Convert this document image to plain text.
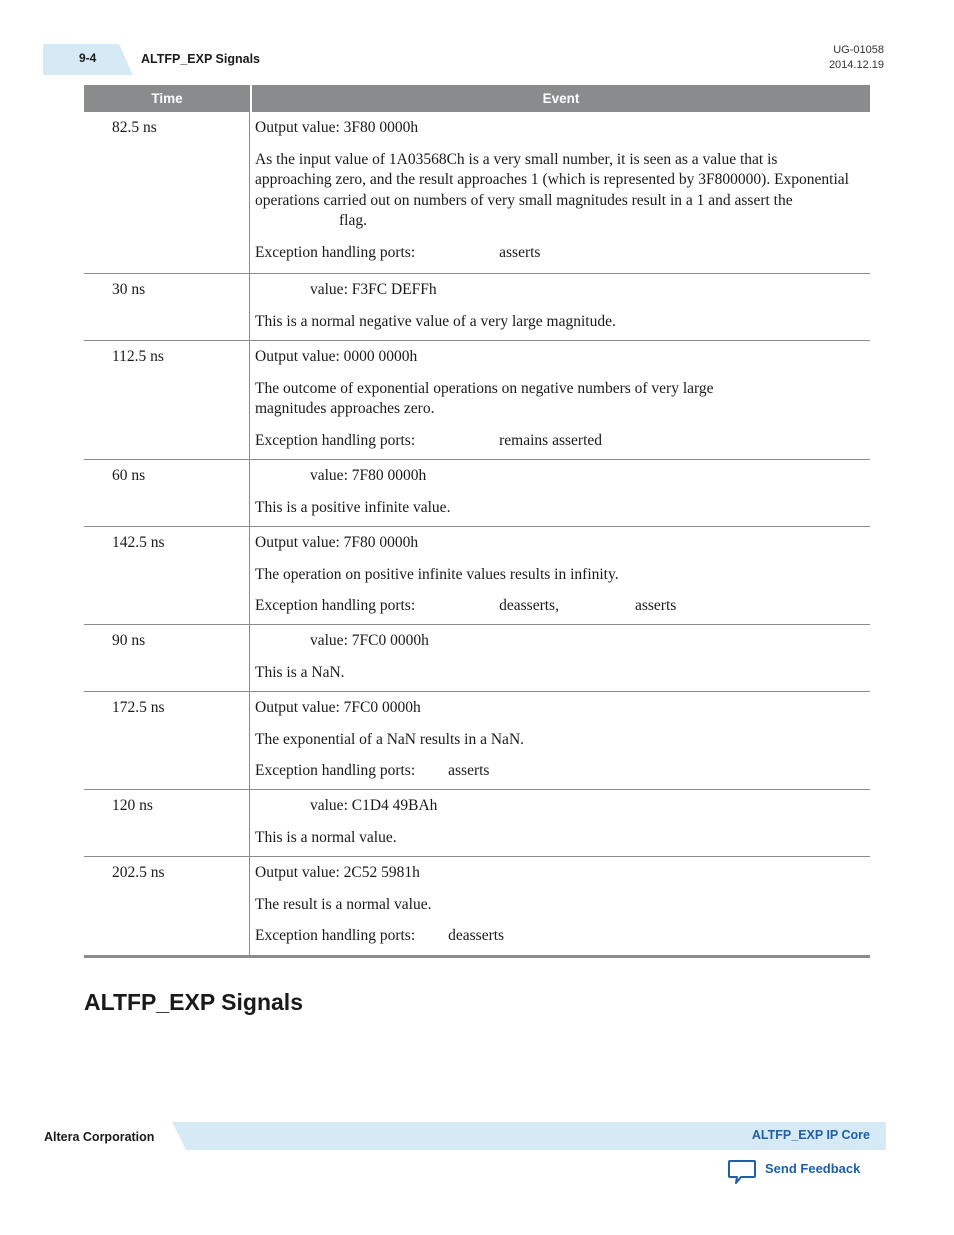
9-4	ALTFP_EXP Signals
UG-01058
2014.12.19
Time	Event
82.5 ns	Output value: 3F80 0000h

As the input value of 1A03568Ch is a very small number, it is seen as a value that is approaching zero, and the result approaches 1 (which is represented by 3F800000). Exponential operations carried out on numbers of very small magnitudes result in a 1 and assert theflag.

Exception handling ports:	asserts

30 ns	value: F3FC DEFFh

This is a normal negative value of a very large magnitude.

112.5 ns	Output value: 0000 0000h

The outcome of exponential operations on negative numbers of very large magnitudes approaches zero.

Exception handling ports:	remains asserted

60 ns	value: 7F80 0000h

This is a positive infinite value.

142.5 ns	Output value: 7F80 0000h

The operation on positive infinite values results in infinity.

Exception handling ports:	deasserts,	asserts

90 ns	value: 7FC0 0000h

This is a NaN.

172.5 ns	Output value: 7FC0 0000h

The exponential of a NaN results in a NaN.

Exception handling ports: asserts

120 ns	value: C1D4 49BAh

This is a normal value.

202.5 ns	Output value: 2C52 5981h

The result is a normal value.

Exception handling ports: deasserts

ALTFP_EXP Signals
Altera Corporation	ALTFP_EXP IP Core
Send Feedback
